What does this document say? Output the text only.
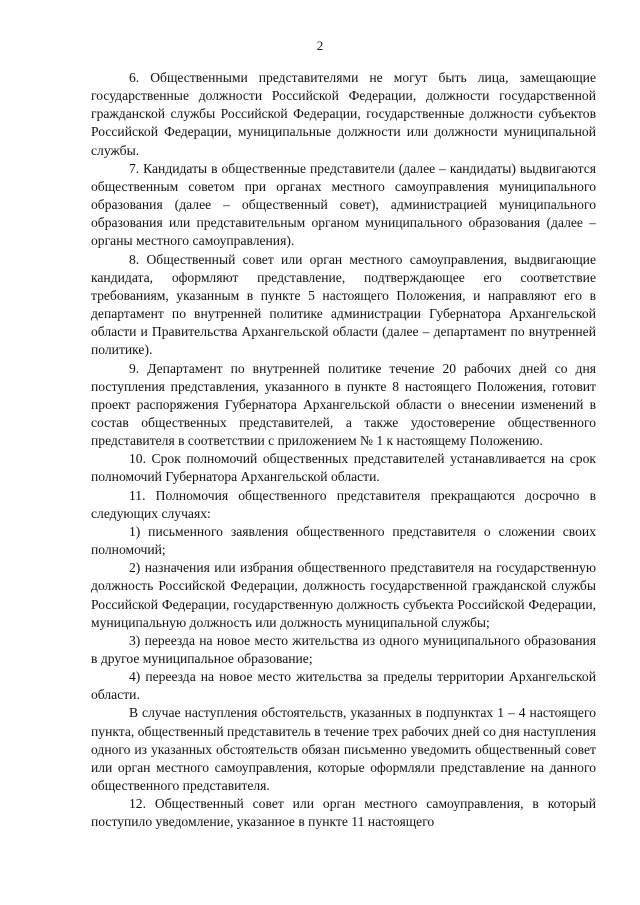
2

6. Общественными представителями не могут быть лица, замещающие государственные должности Российской Федерации, должности государственной гражданской службы Российской Федерации, государственные должности субъектов Российской Федерации, муниципальные должности или должности муниципальной службы.

7. Кандидаты в общественные представители (далее – кандидаты) выдвигаются общественным советом при органах местного самоуправления муниципального образования (далее – общественный совет), администрацией муниципального образования или представительным органом муниципального образования (далее – органы местного самоуправления).

8. Общественный совет или орган местного самоуправления, выдвигающие кандидата, оформляют представление, подтверждающее его соответствие требованиям, указанным в пункте 5 настоящего Положения, и направляют его в департамент по внутренней политике администрации Губернатора Архангельской области и Правительства Архангельской области (далее – департамент по внутренней политике).

9. Департамент по внутренней политике течение 20 рабочих дней со дня поступления представления, указанного в пункте 8 настоящего Положения, готовит проект распоряжения Губернатора Архангельской области о внесении изменений в состав общественных представителей, а также удостоверение общественного представителя в соответствии с приложением № 1 к настоящему Положению.

10. Срок полномочий общественных представителей устанавливается на срок полномочий Губернатора Архангельской области.

11. Полномочия общественного представителя прекращаются досрочно в следующих случаях:

1) письменного заявления общественного представителя о сложении своих полномочий;

2) назначения или избрания общественного представителя на государственную должность Российской Федерации, должность государственной гражданской службы Российской Федерации, государственную должность субъекта Российской Федерации, муниципальную должность или должность муниципальной службы;

3) переезда на новое место жительства из одного муниципального образования в другое муниципальное образование;

4) переезда на новое место жительства за пределы территории Архангельской области.

В случае наступления обстоятельств, указанных в подпунктах 1 – 4 настоящего пункта, общественный представитель в течение трех рабочих дней со дня наступления одного из указанных обстоятельств обязан письменно уведомить общественный совет или орган местного самоуправления, которые оформляли представление на данного общественного представителя.

12. Общественный совет или орган местного самоуправления, в который поступило уведомление, указанное в пункте 11 настоящего
